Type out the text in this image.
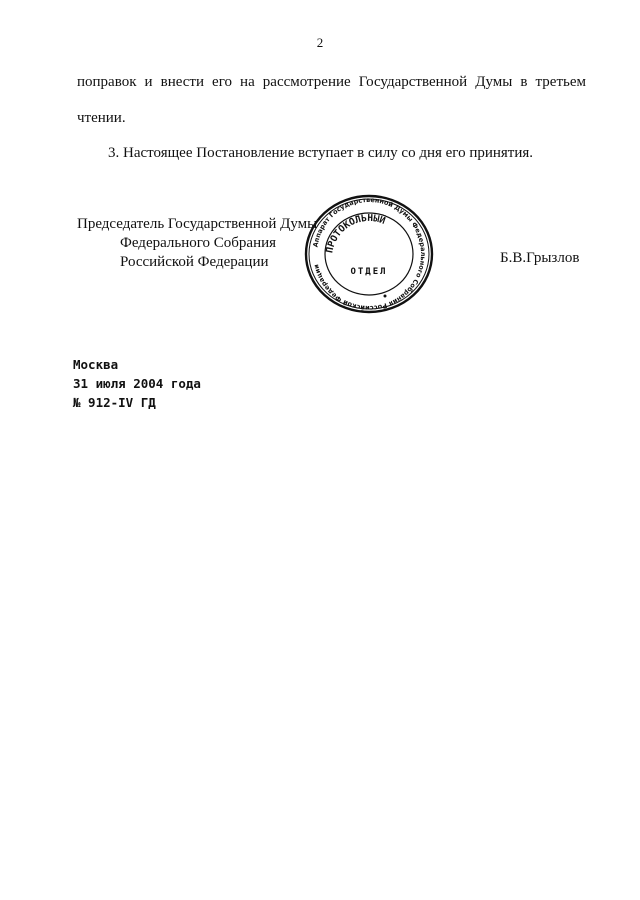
2
поправок и внести его на рассмотрение Государственной Думы в третьем
чтении.
3. Настоящее Постановление вступает в силу со дня его принятия.
Председатель Государственной Думы
Федерального Собрания
Российской Федерации
Аппарат Государственной Думы Федерального Собрания Российской Федерации
ПРОТОКОЛЬНЫЙ
ОТДЕЛ
Б.В.Грызлов
Москва
31 июля 2004 года
№ 912-IV ГД
